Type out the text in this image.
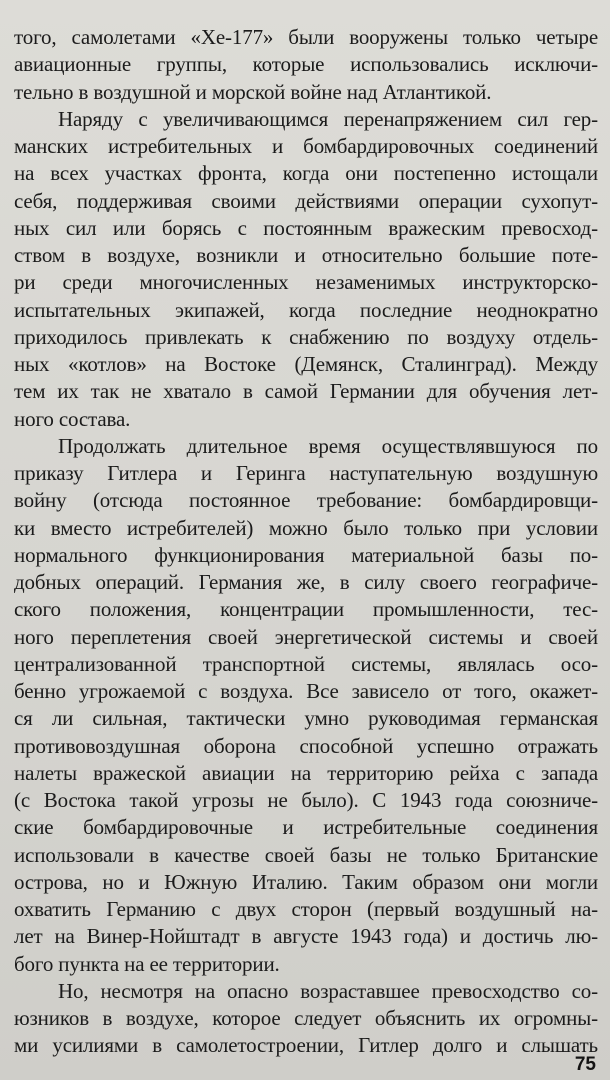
того, самолетами «Хе-177» были вооружены только четыре
авиационные группы, которые использовались исключи-
тельно в воздушной и морской войне над Атлантикой.
Наряду с увеличивающимся перенапряжением сил гер-
манских истребительных и бомбардировочных соединений
на всех участках фронта, когда они постепенно истощали
себя, поддерживая своими действиями операции сухопут-
ных сил или борясь с постоянным вражеским превосход-
ством в воздухе, возникли и относительно большие поте-
ри среди многочисленных незаменимых инструкторско-
испытательных экипажей, когда последние неоднократно
приходилось привлекать к снабжению по воздуху отдель-
ных «котлов» на Востоке (Демянск, Сталинград). Между
тем их так не хватало в самой Германии для обучения лет-
ного состава.
Продолжать длительное время осуществлявшуюся по
приказу Гитлера и Геринга наступательную воздушную
войну (отсюда постоянное требование: бомбардировщи-
ки вместо истребителей) можно было только при условии
нормального функционирования материальной базы по-
добных операций. Германия же, в силу своего географиче-
ского положения, концентрации промышленности, тес-
ного переплетения своей энергетической системы и своей
централизованной транспортной системы, являлась осо-
бенно угрожаемой с воздуха. Все зависело от того, окажет-
ся ли сильная, тактически умно руководимая германская
противовоздушная оборона способной успешно отражать
налеты вражеской авиации на территорию рейха с запада
(с Востока такой угрозы не было). С 1943 года союзниче-
ские бомбардировочные и истребительные соединения
использовали в качестве своей базы не только Британские
острова, но и Южную Италию. Таким образом они могли
охватить Германию с двух сторон (первый воздушный на-
лет на Винер-Нойштадт в августе 1943 года) и достичь лю-
бого пункта на ее территории.
Но, несмотря на опасно возраставшее превосходство со-
юзников в воздухе, которое следует объяснить их огромны-
ми усилиями в самолетостроении, Гитлер долго и слышать
75
